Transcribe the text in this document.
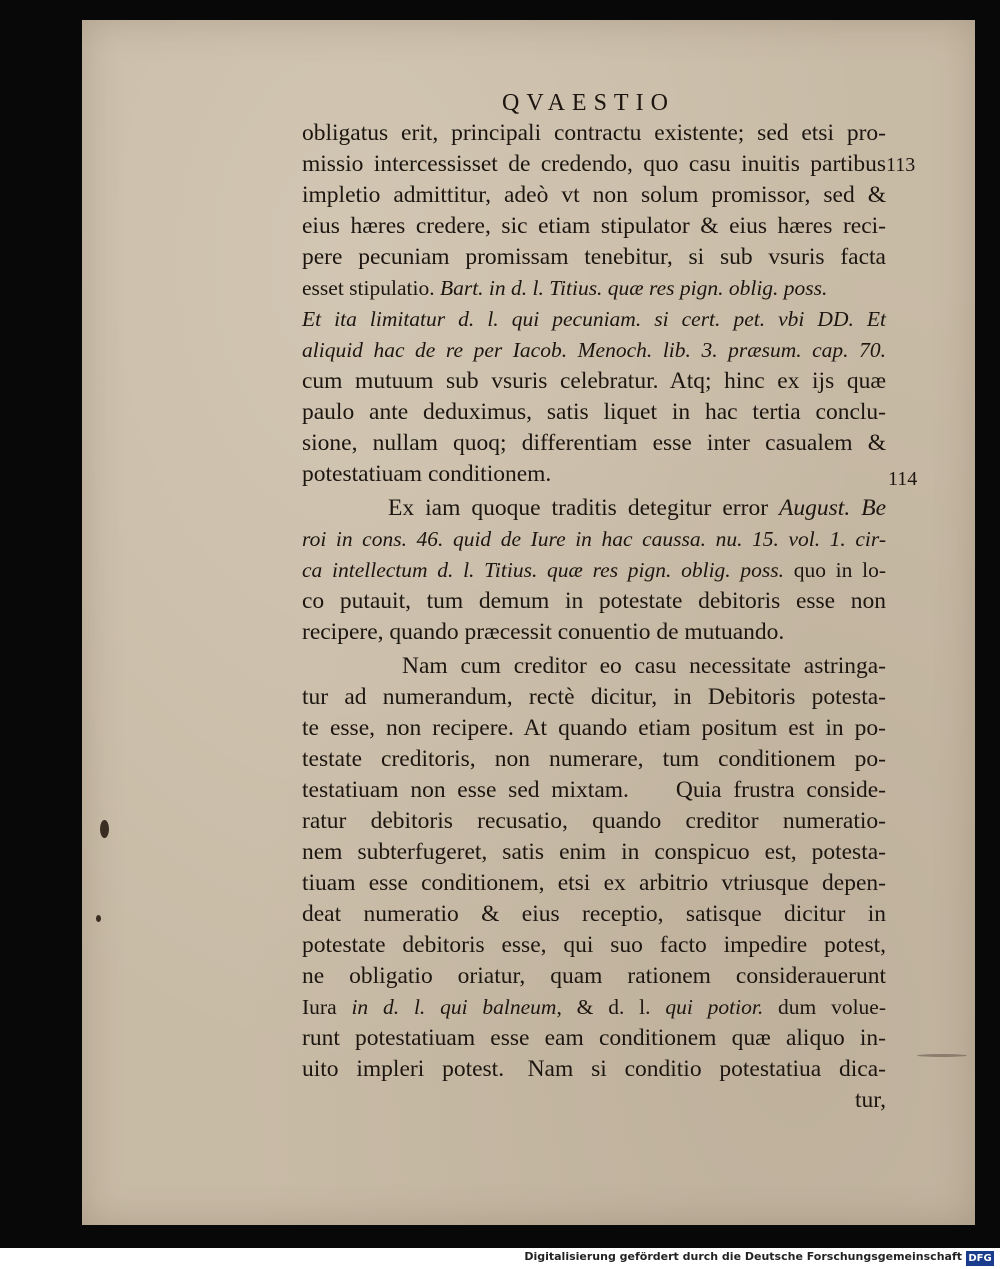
QVAESTIO
113
114
obligatus erit, principali contractu existente; sed etsi pro-
missio intercessisset de credendo, quo casu inuitis partibus
impletio admittitur, adeò vt non solum promissor, sed &
eius hæres credere, sic etiam stipulator & eius hæres reci-
pere pecuniam promissam tenebitur, si sub vsuris facta
esset stipulatio. Bart. in d. l. Titius. quæ res pign. oblig. poss.
Et ita limitatur d. l. qui pecuniam. si cert. pet. vbi DD. Et
aliquid hac de re per Iacob. Menoch. lib. 3. præsum. cap. 70.
cum mutuum sub vsuris celebratur. Atq; hinc ex ijs quæ
paulo ante deduximus, satis liquet in hac tertia conclu-
sione, nullam quoq; differentiam esse inter casualem &
potestatiuam conditionem.
Ex iam quoque traditis detegitur error August. Be
roi in cons. 46. quid de Iure in hac caussa. nu. 15. vol. 1. cir-
ca intellectum d. l. Titius. quæ res pign. oblig. poss. quo in lo-
co putauit, tum demum in potestate debitoris esse non
recipere, quando præcessit conuentio de mutuando.
Nam cum creditor eo casu necessitate astringa-
tur ad numerandum, rectè dicitur, in Debitoris potesta-
te esse, non recipere. At quando etiam positum est in po-
testate creditoris, non numerare, tum conditionem po-
testatiuam non esse sed mixtam.   Quia frustra conside-
ratur debitoris recusatio, quando creditor numeratio-
nem subterfugeret, satis enim in conspicuo est, potesta-
tiuam esse conditionem, etsi ex arbitrio vtriusque depen-
deat numeratio & eius receptio, satisque dicitur in
potestate debitoris esse, qui suo facto impedire potest,
ne obligatio oriatur, quam rationem considerauerunt
Iura in d. l. qui balneum, & d. l. qui potior. dum volue-
runt potestatiuam esse eam conditionem quæ aliquo in-
uito impleri potest.  Nam si conditio potestatiua dica-
tur,
Digitalisierung gefördert durch die Deutsche Forschungsgemeinschaft DFG
